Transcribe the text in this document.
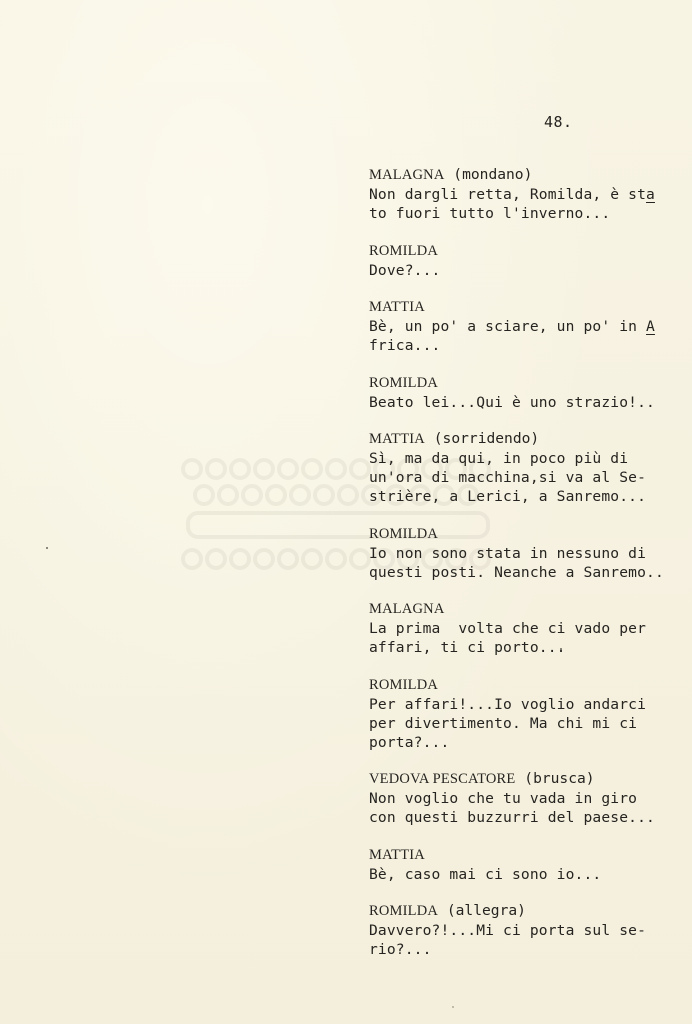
48.
MALAGNA (mondano)
Non dargli retta, Romilda, è sta
to fuori tutto l'inverno...
ROMILDA
Dove?...
MATTIA
Bè, un po' a sciare, un po' in A
frica...
ROMILDA
Beato lei...Qui è uno strazio!..
MATTIA (sorridendo)
Sì, ma da qui, in poco più di
un'ora di macchina,si va al Se-
strière, a Lerici, a Sanremo...
ROMILDA
Io non sono stata in nessuno di
questi posti. Neanche a Sanremo..
MALAGNA
La prima  volta che ci vado per
affari, ti ci porto...
ROMILDA
Per affari!...Io voglio andarci
per divertimento. Ma chi mi ci
porta?...
VEDOVA PESCATORE (brusca)
Non voglio che tu vada in giro
con questi buzzurri del paese...
MATTIA
Bè, caso mai ci sono io...
ROMILDA (allegra)
Davvero?!...Mi ci porta sul se-
rio?...
